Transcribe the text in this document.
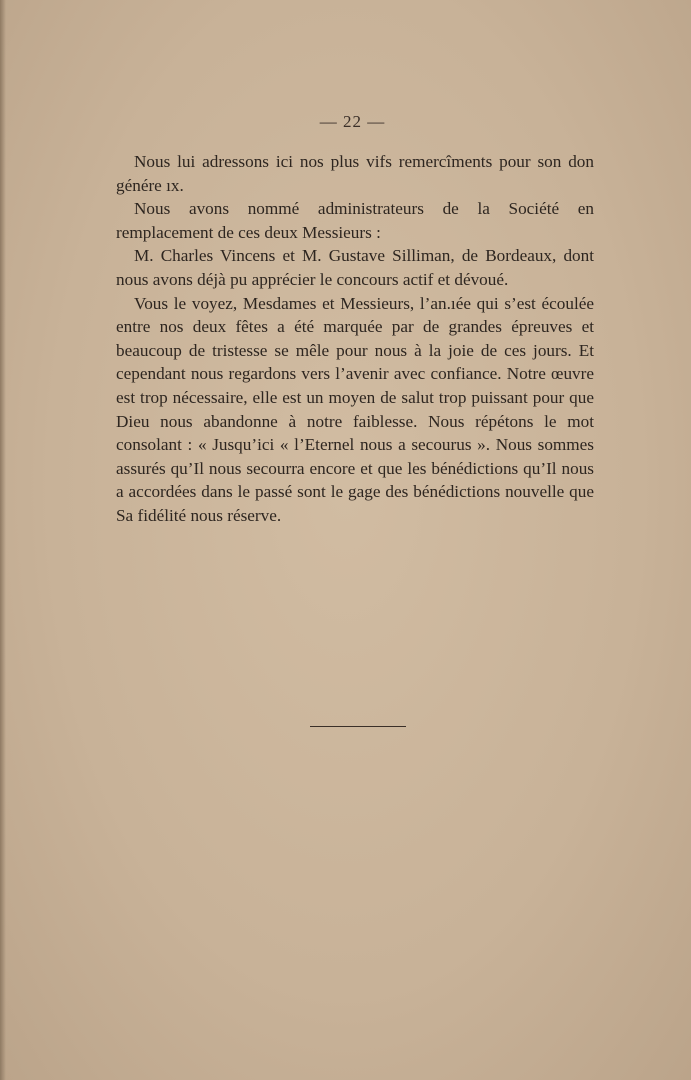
— 22 —

Nous lui adressons ici nos plus vifs remercîments pour son don génére ıx.

Nous avons nommé administrateurs de la Société en remplacement de ces deux Messieurs :

M. Charles Vincens et M. Gustave Silliman, de Bordeaux, dont nous avons déjà pu apprécier le concours actif et dévoué.

Vous le voyez, Mesdames et Messieurs, l’an.ıée qui s’est écoulée entre nos deux fêtes a été marquée par de grandes épreuves et beaucoup de tristesse se mêle pour nous à la joie de ces jours. Et cependant nous regardons vers l’avenir avec confiance. Notre œuvre est trop nécessaire, elle est un moyen de salut trop puissant pour que Dieu nous abandonne à notre faiblesse. Nous répétons le mot consolant : « Jusqu’ici « l’Eternel nous a secourus ». Nous sommes assurés qu’Il nous secourra encore et que les bénédictions qu’Il nous a accordées dans le passé sont le gage des bénédictions nouvelle que Sa fidélité nous réserve.
